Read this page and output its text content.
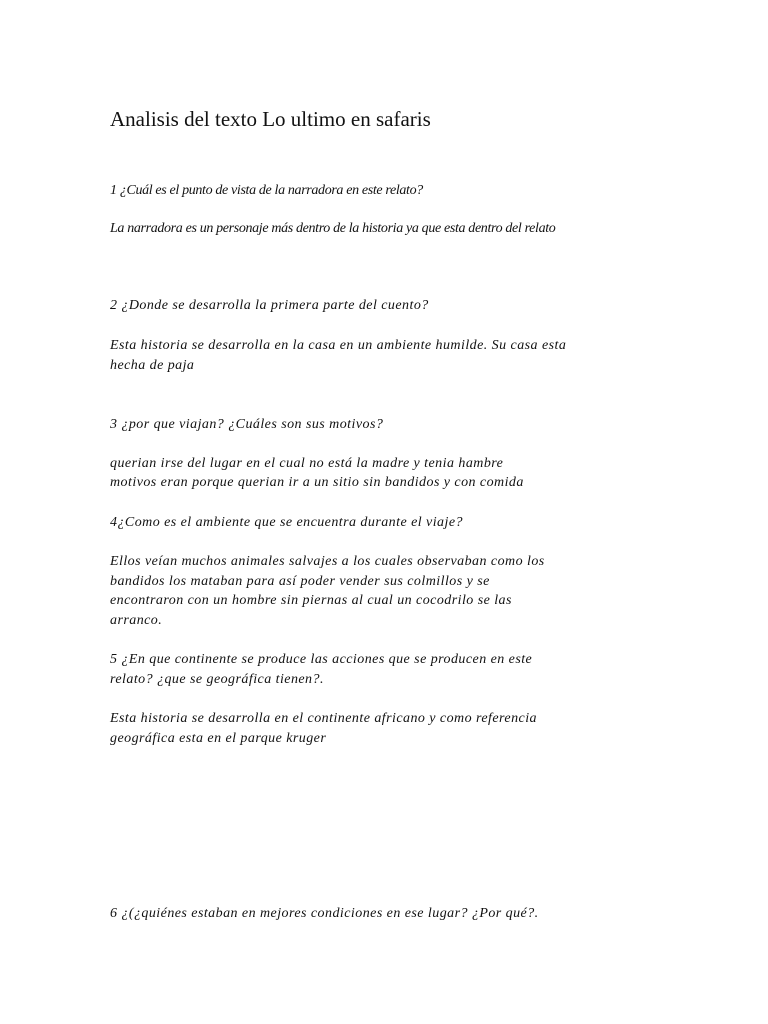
Analisis del texto Lo ultimo en safaris
1 ¿Cuál es el punto de vista de la narradora en este relato?
La narradora es un personaje más dentro de la historia ya que esta dentro del relato
2 ¿Donde se desarrolla la primera parte del cuento?
Esta historia se desarrolla en la casa en un ambiente humilde. Su casa esta
hecha de paja
3 ¿por que viajan? ¿Cuáles son sus motivos?
querian irse del lugar en el cual no está la madre y tenia hambre
motivos eran porque querian ir a un sitio sin bandidos y con comida
4¿Como es el ambiente que se encuentra durante el viaje?
Ellos veían muchos animales salvajes a los cuales observaban como los
bandidos los mataban para así poder vender sus colmillos y se
encontraron con un hombre sin piernas al cual un cocodrilo se las
arranco.
5 ¿En que continente se produce las acciones que se producen en este
relato? ¿que se geográfica tienen?.
Esta historia se desarrolla en el continente africano y como referencia
geográfica esta en el parque kruger
6 ¿(¿quiénes estaban en mejores condiciones en ese lugar? ¿Por qué?.
